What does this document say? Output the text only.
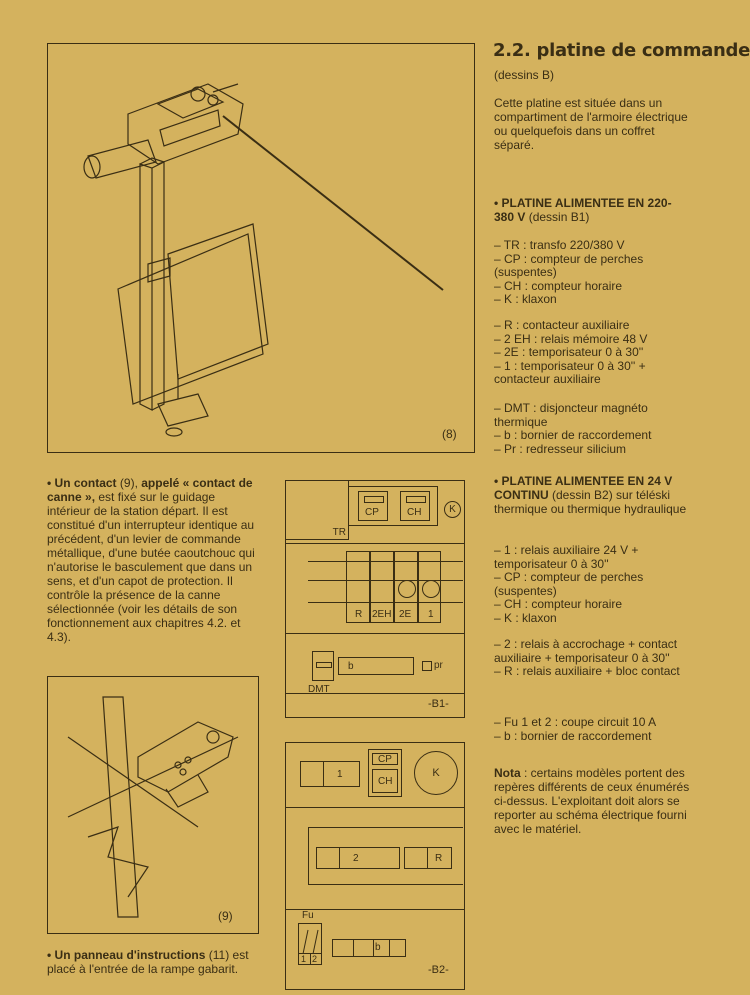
(8)
2.2. platine de commande

(dessins B)

Cette platine est située dans un compartiment de l'armoire électrique ou quelquefois dans un coffret séparé.

• PLATINE ALIMENTEE EN 220-380 V (dessin B1)

– TR : transfo 220/380 V
– CP : compteur de perches (suspentes)
– CH : compteur horaire
– K : klaxon
– R : contacteur auxiliaire
– 2 EH : relais mémoire 48 V
– 2E : temporisateur 0 à 30''
– 1 : temporisateur 0 à 30'' + contacteur auxiliaire
– DMT : disjoncteur magnéto thermique
– b : bornier de raccordement
– Pr : redresseur silicium

• PLATINE ALIMENTEE EN 24 V CONTINU (dessin B2) sur téléski thermique ou thermique hydraulique

– 1 : relais auxiliaire 24 V + temporisateur 0 à 30''
– CP : compteur de perches (suspentes)
– CH : compteur horaire
– K : klaxon
– 2 : relais à accrochage + contact auxiliaire + temporisateur 0 à 30''
– R : relais auxiliaire + bloc contact
– Fu 1 et 2 : coupe circuit 10 A
– b : bornier de raccordement

Nota : certains modèles portent des repères différents de ceux énumérés ci-dessus. L'exploitant doit alors se reporter au schéma électrique fourni avec le matériel.

• Un contact (9), appelé « contact de canne », est fixé sur le guidage intérieur de la station départ. Il est constitué d'un interrupteur identique au précédent, d'un levier de commande métallique, d'une butée caoutchouc qui n'autorise le basculement que dans un sens, et d'un capot de protection. Il contrôle la présence de la canne sélectionnée (voir les détails de son fonctionnement aux chapitres 4.2. et 4.3).

(9)

• Un panneau d'instructions (11) est placé à l'entrée de la rampe gabarit.

TR
CP	CH	K
R 2EH 2E 1
DMT
b	pr
-B1-
1
CP
CH
K
2	R
Fu
1 2
b
-B2-
